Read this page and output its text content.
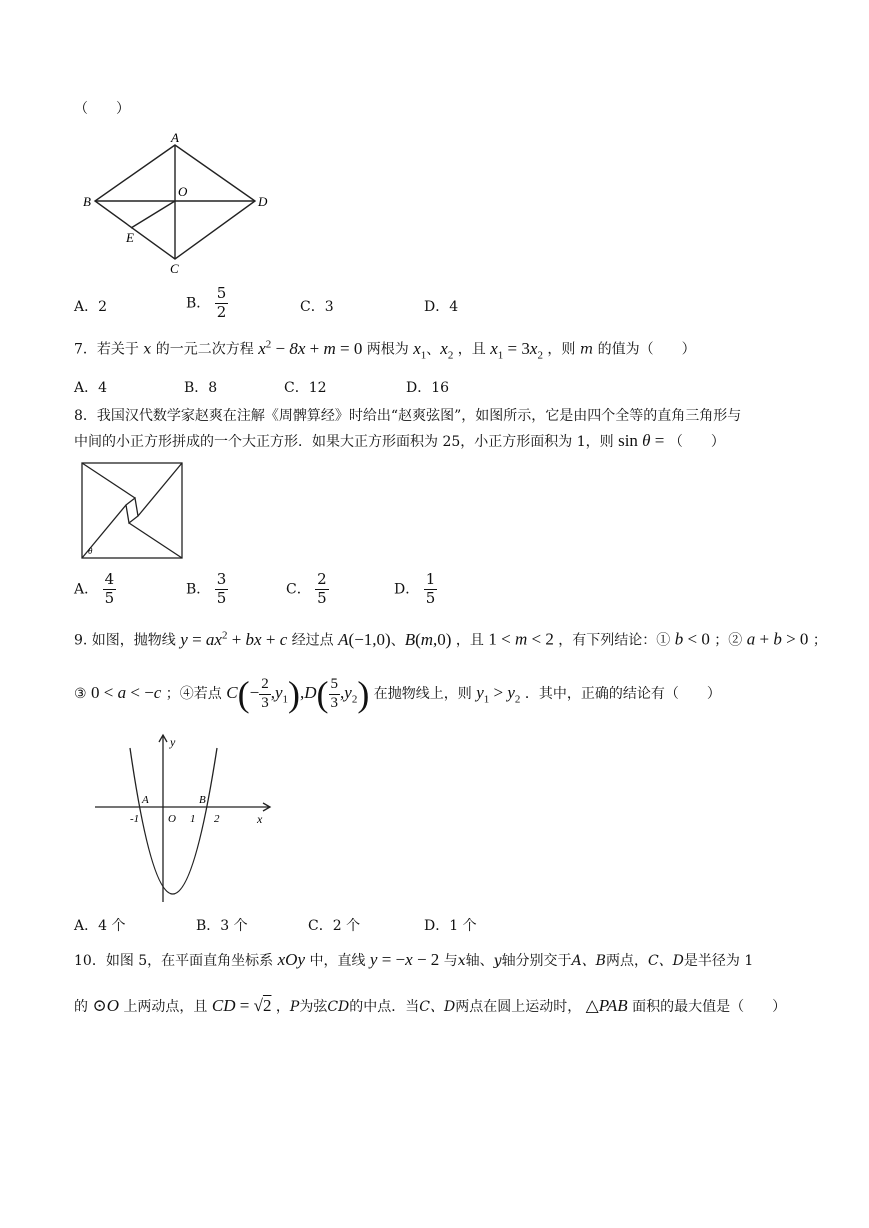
（　　）
A
B	D
O
E
C
A．2	B． $\frac{5}{2}$	C．3	D．4
7．若关于 x 的一元二次方程 $x^2 - 8x + m = 0$ 两根为 $x_1$、$x_2$ ，且 $x_1 = 3x_2$ ，则 m 的值为（　　）
A．4	B．8	C．12	D．16
8．我国汉代数学家赵爽在注解《周髀算经》时给出“赵爽弦图”，如图所示，它是由四个全等的直角三角形与
中间的小正方形拼成的一个大正方形．如果大正方形面积为 25，小正方形面积为 1，则 sin θ = （　　）
θ
A． $\frac{4}{5}$	B． $\frac{3}{5}$	C． $\frac{2}{5}$	D． $\frac{1}{5}$
9. 如图，抛物线 $y = ax^2$ + bx + c 经过点 A(−1,0)、B(m,0) ，且 1 < m < 2 ，有下列结论：① b < 0 ；② a + b > 0 ；
③ 0 < a < −c ；④若点 $C(- \frac{2}{3} ,y_1),D( \frac{5}{3} ,y_2)$ 在抛物线上，则 $y_1 > y_2$ ．其中，正确的结论有（　　）
y
x
A	B
O
-1	1 2
A．4 个	B．3 个	C．2 个	D．1 个
10．如图 5，在平面直角坐标系 xOy 中，直线 y = −x − 2 与x轴、y轴分别交于A、B两点，C、D是半径为 1
的 ⊙O 上两动点，且 CD = √2 ，P为弦CD的中点．当C、D两点在圆上运动时， △PAB 面积的最大值是（　　）
